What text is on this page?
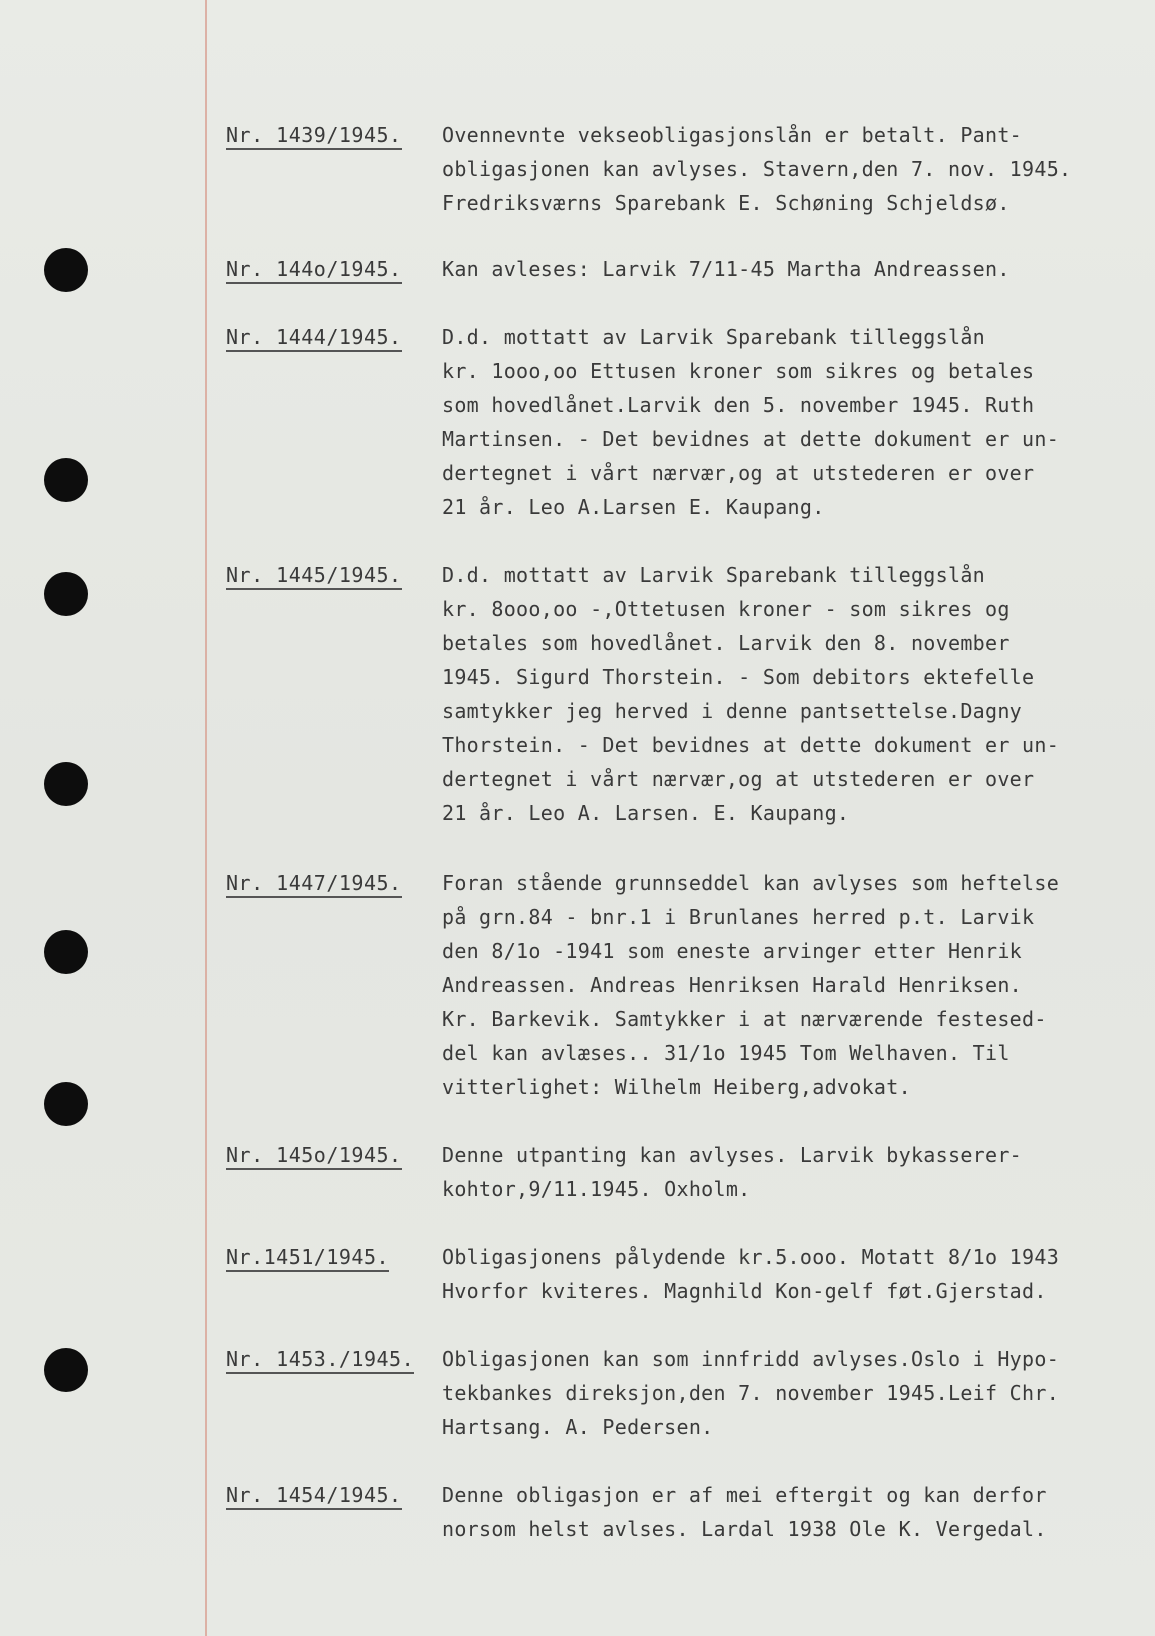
Nr. 1439/1945.	Ovennevnte vekseobligasjonslån er betalt. Pant-
obligasjonen kan avlyses. Stavern,den 7. nov. 1945.
Fredriksværns Sparebank E. Schøning Schjeldsø.
Nr. 144o/1945.	Kan avleses: Larvik 7/11-45 Martha Andreassen.
Nr. 1444/1945.	D.d. mottatt av Larvik Sparebank tilleggslån
kr. 1ooo,oo Ettusen kroner som sikres og betales
som hovedlånet.Larvik den 5. november 1945. Ruth
Martinsen. - Det bevidnes at dette dokument er un-
dertegnet i vårt nærvær,og at utstederen er over
21 år. Leo A.Larsen E. Kaupang.
Nr. 1445/1945.	D.d. mottatt av Larvik Sparebank tilleggslån
kr. 8ooo,oo -,Ottetusen kroner - som sikres og
betales som hovedlånet. Larvik den 8. november
1945. Sigurd Thorstein. - Som debitors ektefelle
samtykker jeg herved i denne pantsettelse.Dagny
Thorstein. - Det bevidnes at dette dokument er un-
dertegnet i vårt nærvær,og at utstederen er over
21 år. Leo A. Larsen. E. Kaupang.
Nr. 1447/1945.	Foran stående grunnseddel kan avlyses som heftelse
på grn.84 - bnr.1 i Brunlanes herred p.t. Larvik
den 8/1o -1941 som eneste arvinger etter Henrik
Andreassen. Andreas Henriksen Harald Henriksen.
Kr. Barkevik. Samtykker i at nærværende festesed-
del kan avlæses.. 31/1o 1945 Tom Welhaven. Til
vitterlighet: Wilhelm Heiberg,advokat.
Nr. 145o/1945.	Denne utpanting kan avlyses. Larvik bykasserer-
kohtor,9/11.1945. Oxholm.
Nr.1451/1945.	Obligasjonens pålydende kr.5.ooo. Motatt 8/1o 1943
Hvorfor kviteres. Magnhild Kon-gelf føt.Gjerstad.
Nr. 1453./1945.	Obligasjonen kan som innfridd avlyses.Oslo i Hypo-
tekbankes direksjon,den 7. november 1945.Leif Chr.
Hartsang. A. Pedersen.
Nr. 1454/1945.	Denne obligasjon er af mei eftergit og kan derfor
norsom helst avlses. Lardal 1938 Ole K. Vergedal.
